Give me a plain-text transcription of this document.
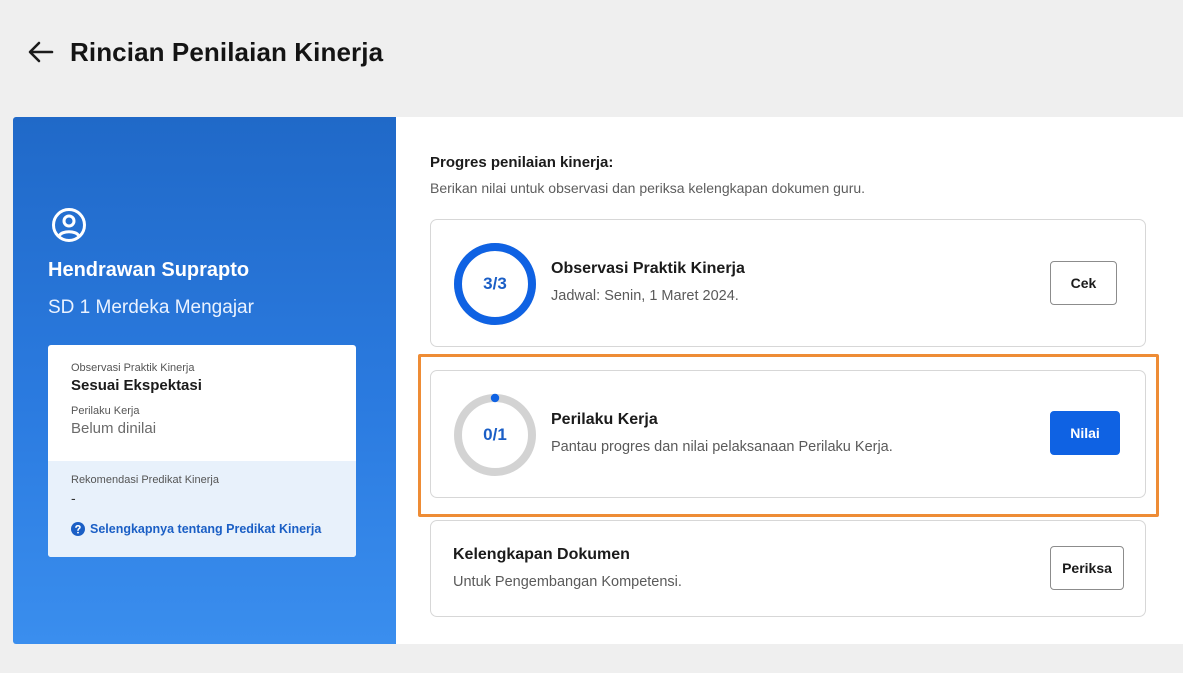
Rincian Penilaian Kinerja
Hendrawan Suprapto
SD 1 Merdeka Mengajar
Observasi Praktik Kinerja
Sesuai Ekspektasi
Perilaku Kerja
Belum dinilai
Rekomendasi Predikat Kinerja
-
Selengkapnya tentang Predikat Kinerja
Progres penilaian kinerja:
Berikan nilai untuk observasi dan periksa kelengkapan dokumen guru.
3/3
Observasi Praktik Kinerja
Jadwal: Senin, 1 Maret 2024.
Cek
0/1
Perilaku Kerja
Pantau progres dan nilai pelaksanaan Perilaku Kerja.
Nilai
Kelengkapan Dokumen
Untuk Pengembangan Kompetensi.
Periksa
